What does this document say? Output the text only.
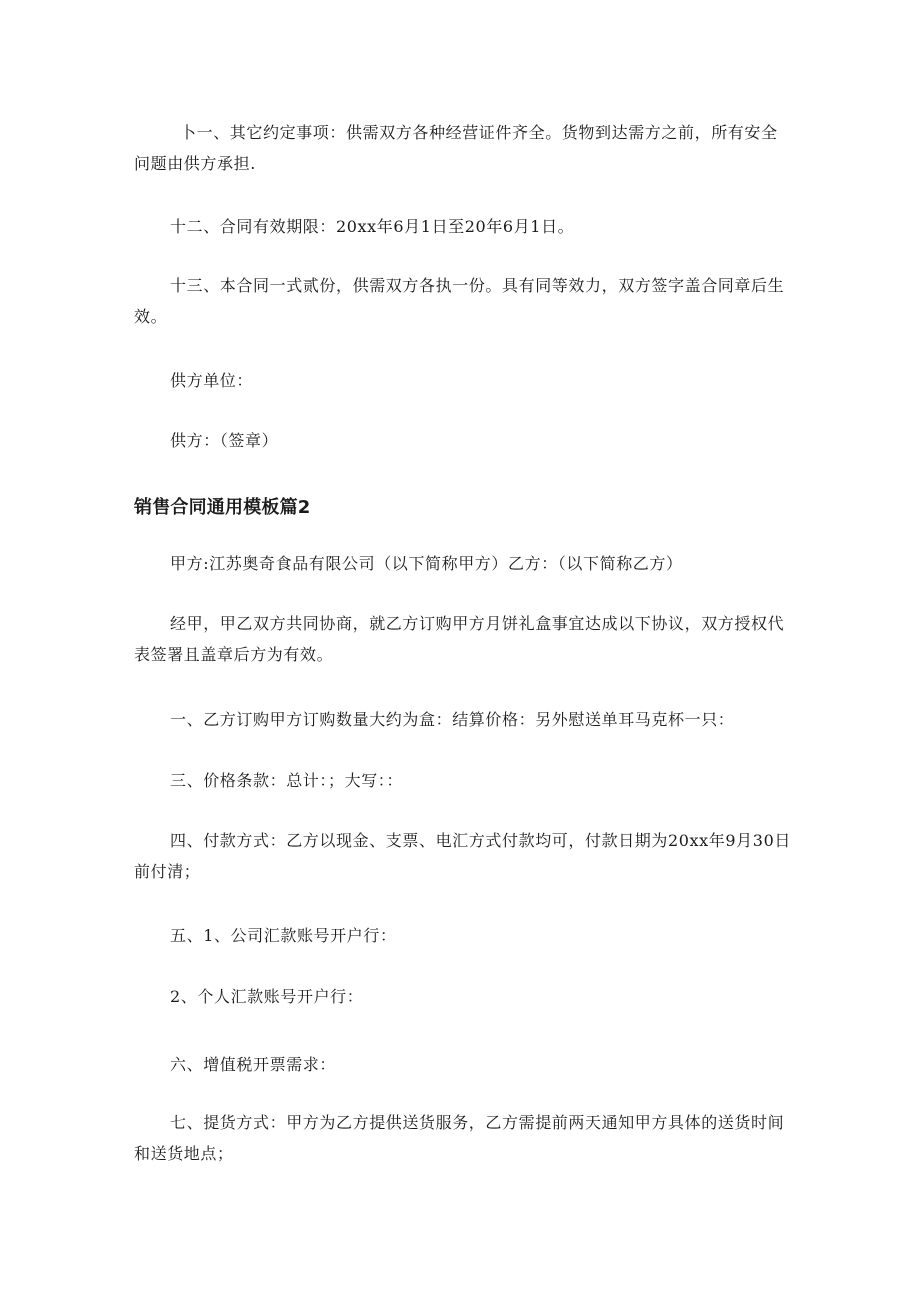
卜一、其它约定事项：供需双方各种经营证件齐全。货物到达需方之前，所有安全问题由供方承担.

十二、合同有效期限：20xx年6月1日至20年6月1日。

十三、本合同一式贰份，供需双方各执一份。具有同等效力，双方签字盖合同章后生效。

供方单位：

供方：（签章）

销售合同通用模板篇2

甲方:江苏奥奇食品有限公司（以下简称甲方）乙方：（以下简称乙方）

经甲，甲乙双方共同协商，就乙方订购甲方月饼礼盒事宜达成以下协议，双方授权代表签署且盖章后方为有效。

一、乙方订购甲方订购数量大约为盒：结算价格：另外慰送单耳马克杯一只：

三、价格条款：总计：；大写：：

四、付款方式：乙方以现金、支票、电汇方式付款均可，付款日期为20xx年9月30日前付清；

五、1、公司汇款账号开户行：

2、个人汇款账号开户行：

六、增值税开票需求：

七、提货方式：甲方为乙方提供送货服务，乙方需提前两天通知甲方具体的送货时间和送货地点；
